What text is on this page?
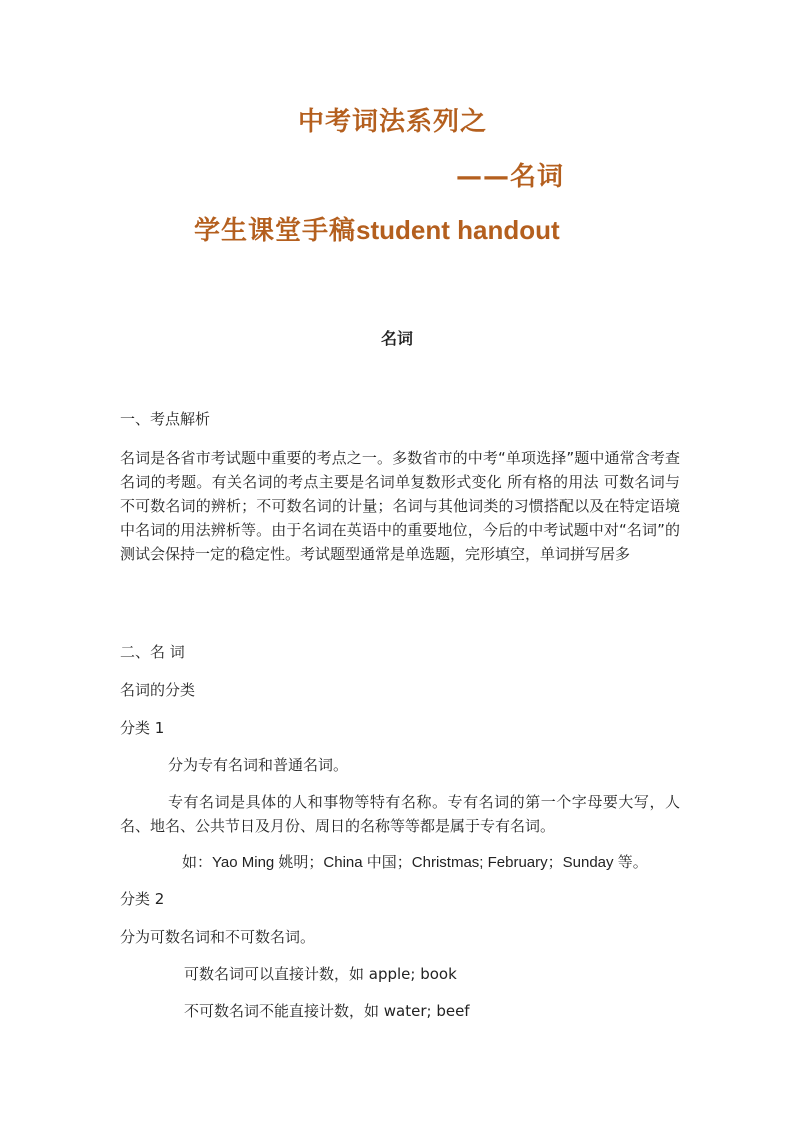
中考词法系列之
——名词
学生课堂手稿student handout
名词
一、考点解析
名词是各省市考试题中重要的考点之一。多数省市的中考“单项选择”题中通常含考查名词的考题。有关名词的考点主要是名词单复数形式变化 所有格的用法 可数名词与不可数名词的辨析；不可数名词的计量；名词与其他词类的习惯搭配以及在特定语境中名词的用法辨析等。由于名词在英语中的重要地位，今后的中考试题中对“名词”的测试会保持一定的稳定性。考试题型通常是单选题，完形填空，单词拼写居多
二、名 词
名词的分类
分类 1
分为专有名词和普通名词。
专有名词是具体的人和事物等特有名称。专有名词的第一个字母要大写，人名、地名、公共节日及月份、周日的名称等等都是属于专有名词。
如：Yao Ming 姚明；China 中国；Christmas; February；Sunday 等。
分类 2
分为可数名词和不可数名词。
可数名词可以直接计数，如 apple; book
不可数名词不能直接计数，如 water; beef
